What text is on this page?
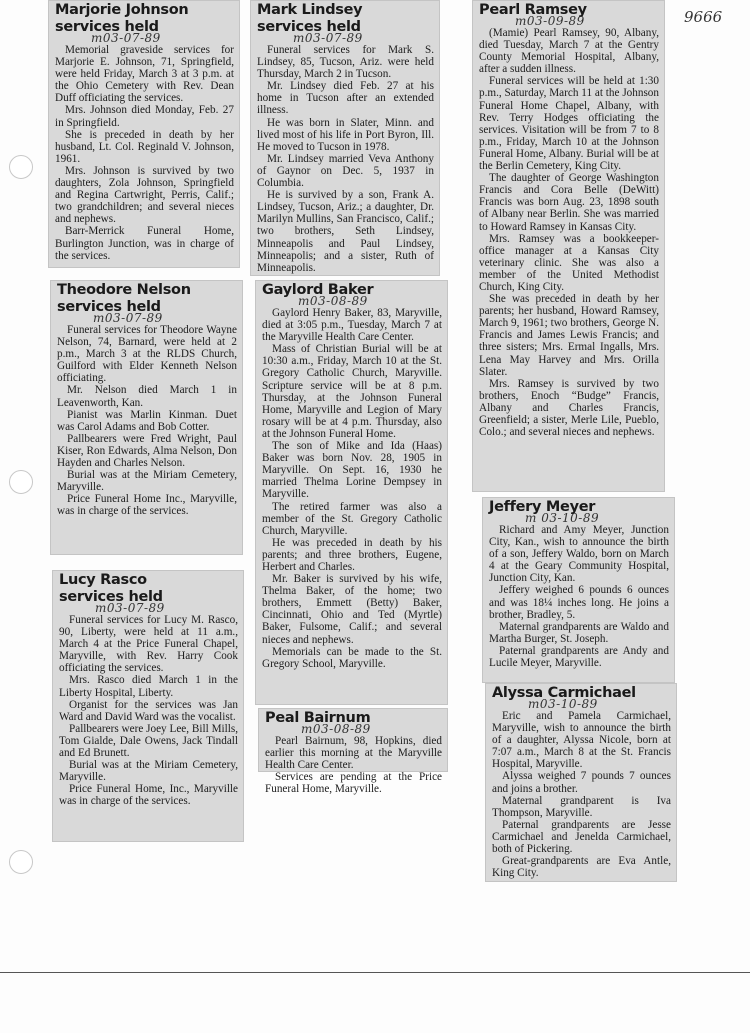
9666
Marjorie Johnson services held
m03-07-89

Memorial graveside services for Marjorie E. Johnson, 71, Springfield, were held Friday, March 3 at 3 p.m. at the Ohio Cemetery with Rev. Dean Duff officiating the services.

Mrs. Johnson died Monday, Feb. 27 in Springfield.

She is preceded in death by her husband, Lt. Col. Reginald V. Johnson, 1961.

Mrs. Johnson is survived by two daughters, Zola Johnson, Springfield and Regina Cartwright, Perris, Calif.; two grandchildren; and several nieces and nephews.

Barr-Merrick Funeral Home, Burlington Junction, was in charge of the services.

Theodore Nelson services held
m03-07-89

Funeral services for Theodore Wayne Nelson, 74, Barnard, were held at 2 p.m., March 3 at the RLDS Church, Guilford with Elder Kenneth Nelson officiating.

Mr. Nelson died March 1 in Leavenworth, Kan.

Pianist was Marlin Kinman. Duet was Carol Adams and Bob Cotter.

Pallbearers were Fred Wright, Paul Kiser, Ron Edwards, Alma Nelson, Don Hayden and Charles Nelson.

Burial was at the Miriam Cemetery, Maryville.

Price Funeral Home Inc., Maryville, was in charge of the services.

Lucy Rasco services held
m03-07-89

Funeral services for Lucy M. Rasco, 90, Liberty, were held at 11 a.m., March 4 at the Price Funeral Chapel, Maryville, with Rev. Harry Cook officiating the services.

Mrs. Rasco died March 1 in the Liberty Hospital, Liberty.

Organist for the services was Jan Ward and David Ward was the vocalist.

Pallbearers were Joey Lee, Bill Mills, Tom Gialde, Dale Owens, Jack Tindall and Ed Brunett.

Burial was at the Miriam Cemetery, Maryville.

Price Funeral Home, Inc., Maryville was in charge of the services.

Mark Lindsey services held
m03-07-89

Funeral services for Mark S. Lindsey, 85, Tucson, Ariz. were held Thursday, March 2 in Tucson.

Mr. Lindsey died Feb. 27 at his home in Tucson after an extended illness.

He was born in Slater, Minn. and lived most of his life in Port Byron, Ill. He moved to Tucson in 1978.

Mr. Lindsey married Veva Anthony of Gaynor on Dec. 5, 1937 in Columbia.

He is survived by a son, Frank A. Lindsey, Tucson, Ariz.; a daughter, Dr. Marilyn Mullins, San Francisco, Calif.; two brothers, Seth Lindsey, Minneapolis and Paul Lindsey, Minneapolis; and a sister, Ruth of Minneapolis.

Gaylord Baker
m03-08-89

Gaylord Henry Baker, 83, Maryville, died at 3:05 p.m., Tuesday, March 7 at the Maryville Health Care Center.

Mass of Christian Burial will be at 10:30 a.m., Friday, March 10 at the St. Gregory Catholic Church, Maryville. Scripture service will be at 8 p.m. Thursday, at the Johnson Funeral Home, Maryville and Legion of Mary rosary will be at 4 p.m. Thursday, also at the Johnson Funeral Home.

The son of Mike and Ida (Haas) Baker was born Nov. 28, 1905 in Maryville. On Sept. 16, 1930 he married Thelma Lorine Dempsey in Maryville.

The retired farmer was also a member of the St. Gregory Catholic Church, Maryville.

He was preceded in death by his parents; and three brothers, Eugene, Herbert and Charles.

Mr. Baker is survived by his wife, Thelma Baker, of the home; two brothers, Emmett (Betty) Baker, Cincinnati, Ohio and Ted (Myrtle) Baker, Fulsome, Calif.; and several nieces and nephews.

Memorials can be made to the St. Gregory School, Maryville.

Peal Bairnum
m03-08-89

Pearl Bairnum, 98, Hopkins, died earlier this morning at the Maryville Health Care Center.

Services are pending at the Price Funeral Home, Maryville.

Pearl Ramsey
m03-09-89

(Mamie) Pearl Ramsey, 90, Albany, died Tuesday, March 7 at the Gentry County Memorial Hospital, Albany, after a sudden illness.

Funeral services will be held at 1:30 p.m., Saturday, March 11 at the Johnson Funeral Home Chapel, Albany, with Rev. Terry Hodges officiating the services. Visitation will be from 7 to 8 p.m., Friday, March 10 at the Johnson Funeral Home, Albany. Burial will be at the Berlin Cemetery, King City.

The daughter of George Washington Francis and Cora Belle (DeWitt) Francis was born Aug. 23, 1898 south of Albany near Berlin. She was married to Howard Ramsey in Kansas City.

Mrs. Ramsey was a bookkeeper-office manager at a Kansas City veterinary clinic. She was also a member of the United Methodist Church, King City.

She was preceded in death by her parents; her husband, Howard Ramsey, March 9, 1961; two brothers, George N. Francis and James Lewis Francis; and three sisters; Mrs. Ermal Ingalls, Mrs. Lena May Harvey and Mrs. Orilla Slater.

Mrs. Ramsey is survived by two brothers, Enoch “Budge” Francis, Albany and Charles Francis, Greenfield; a sister, Merle Lile, Pueblo, Colo.; and several nieces and nephews.

Jeffery Meyer
m 03-10-89

Richard and Amy Meyer, Junction City, Kan., wish to announce the birth of a son, Jeffery Waldo, born on March 4 at the Geary Community Hospital, Junction City, Kan.

Jeffery weighed 6 pounds 6 ounces and was 18¼ inches long. He joins a brother, Bradley, 5.

Maternal grandparents are Waldo and Martha Burger, St. Joseph.

Paternal grandparents are Andy and Lucile Meyer, Maryville.

Alyssa Carmichael
m03-10-89

Eric and Pamela Carmichael, Maryville, wish to announce the birth of a daughter, Alyssa Nicole, born at 7:07 a.m., March 8 at the St. Francis Hospital, Maryville.

Alyssa weighed 7 pounds 7 ounces and joins a brother.

Maternal grandparent is Iva Thompson, Maryville.

Paternal grandparents are Jesse Carmichael and Jenelda Carmichael, both of Pickering.

Great-grandparents are Eva Antle, King City.
